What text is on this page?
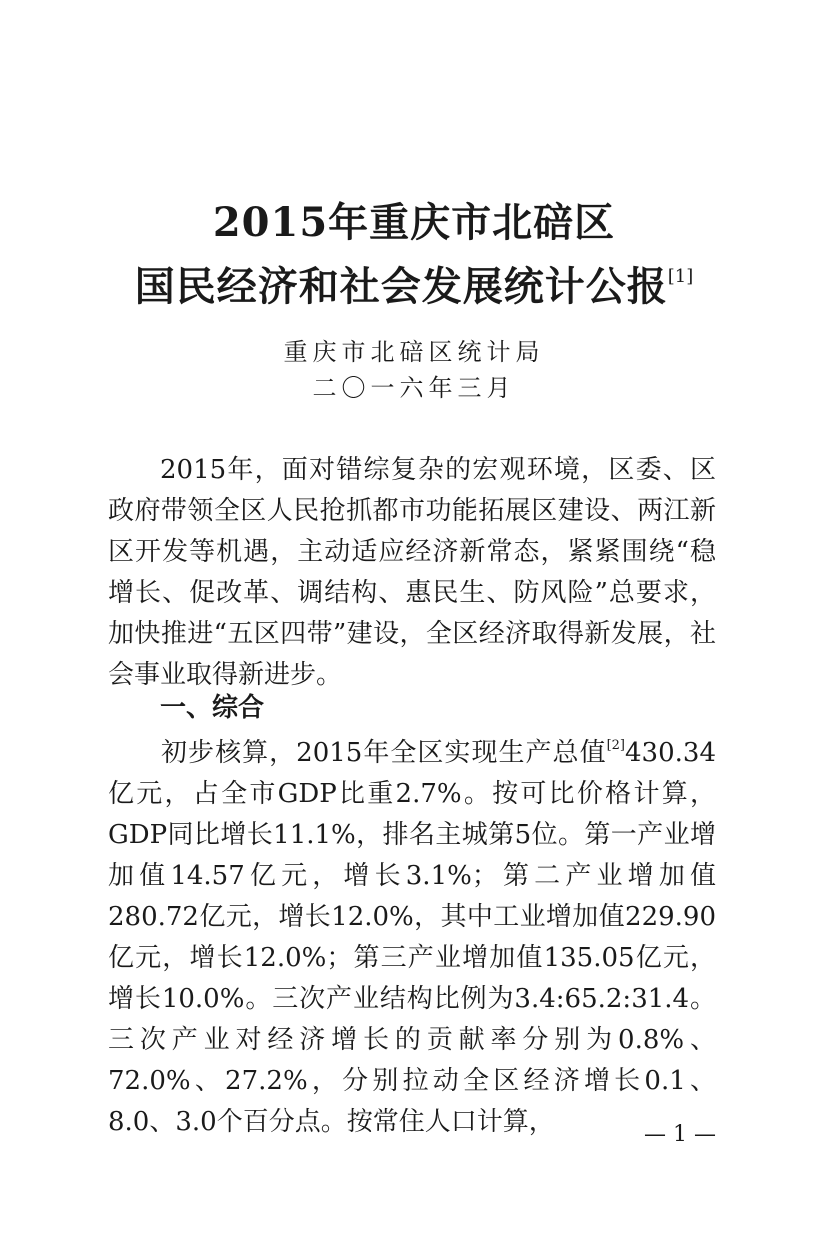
2015年重庆市北碚区
国民经济和社会发展统计公报[1]
重庆市北碚区统计局
二〇一六年三月

2015年，面对错综复杂的宏观环境，区委、区政府带领全区人民抢抓都市功能拓展区建设、两江新区开发等机遇，主动适应经济新常态，紧紧围绕“稳增长、促改革、调结构、惠民生、防风险”总要求，加快推进“五区四带”建设，全区经济取得新发展，社会事业取得新进步。

一、综合

初步核算，2015年全区实现生产总值[2]430.34亿元，占全市GDP比重2.7%。按可比价格计算，GDP同比增长11.1%，排名主城第5位。第一产业增加值14.57亿元，增长3.1%；第二产业增加值280.72亿元，增长12.0%，其中工业增加值229.90亿元，增长12.0%；第三产业增加值135.05亿元，增长10.0%。三次产业结构比例为3.4:65.2:31.4。三次产业对经济增长的贡献率分别为0.8%、72.0%、27.2%，分别拉动全区经济增长0.1、8.0、3.0个百分点。按常住人口计算，	— 1 —
